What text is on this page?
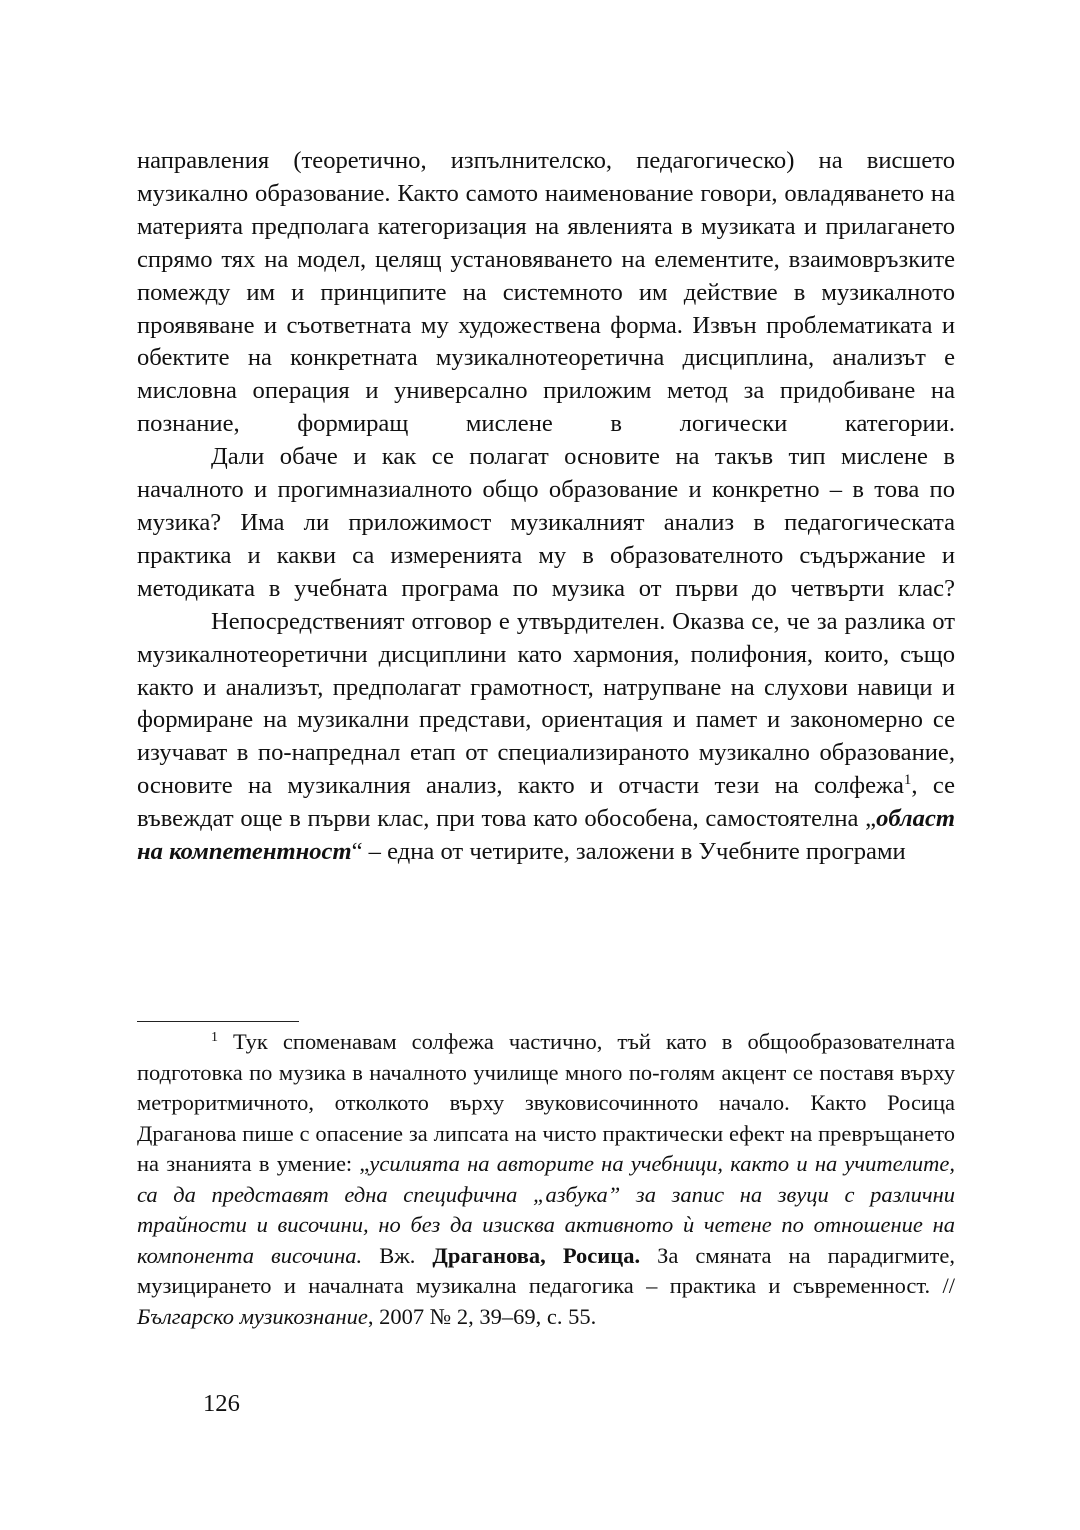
направления (теоретично, изпълнителско, педагогическо) на висшето музикално образование. Както самото наименование говори, овладяването на материята предполага категоризация на явленията в музиката и прилагането спрямо тях на модел, целящ установяването на елементите, взаимовръзките помежду им и принципите на системното им действие в музикалното проявяване и съответната му художествена форма. Извън проблематиката и обектите на конкретната музикалнотеоретична дисциплина, анализът е мисловна операция и универсално приложим метод за придобиване на познание, формиращ мислене в логически категории.

Дали обаче и как се полагат основите на такъв тип мислене в началното и прогимназиалното общо образование и конкретно – в това по музика? Има ли приложимост музикалният анализ в педагогическата практика и какви са измеренията му в образователното съдържание и методиката в учебната програма по музика от първи до четвърти клас?

Непосредственият отговор е утвърдителен. Оказва се, че за разлика от музикалнотеоретични дисциплини като хармония, полифония, които, също както и анализът, предполагат грамотност, натрупване на слухови навици и формиране на музикални представи, ориентация и памет и закономерно се изучават в по-напреднал етап от специализираното музикално образование, основите на музикалния анализ, както и отчасти тези на солфежа$^1$, се въвеждат още в първи клас, при това като обособена, самостоятелна „област на компетентност“ – една от четирите, заложени в Учебните програми

$^1$ Тук споменавам солфежа частично, тъй като в общообразователната подготовка по музика в началното училище много по-голям акцент се поставя върху метроритмичното, отколкото върху звуковисочинното начало. Както Росица Драганова пише с опасение за липсата на чисто практически ефект на превръщането на знанията в умение: „усилията на авторите на учебници, както и на учителите, са да представят една специфична „азбука” за запис на звуци с различни трайности и височини, но без да изисква активното ѝ четене по отношение на компонента височина. Вж. Драганова, Росица. За смяната на парадигмите, музицирането и началната музикална педагогика – практика и съвременност. // Българско музикознание, 2007 № 2, 39–69, с. 55.

126
